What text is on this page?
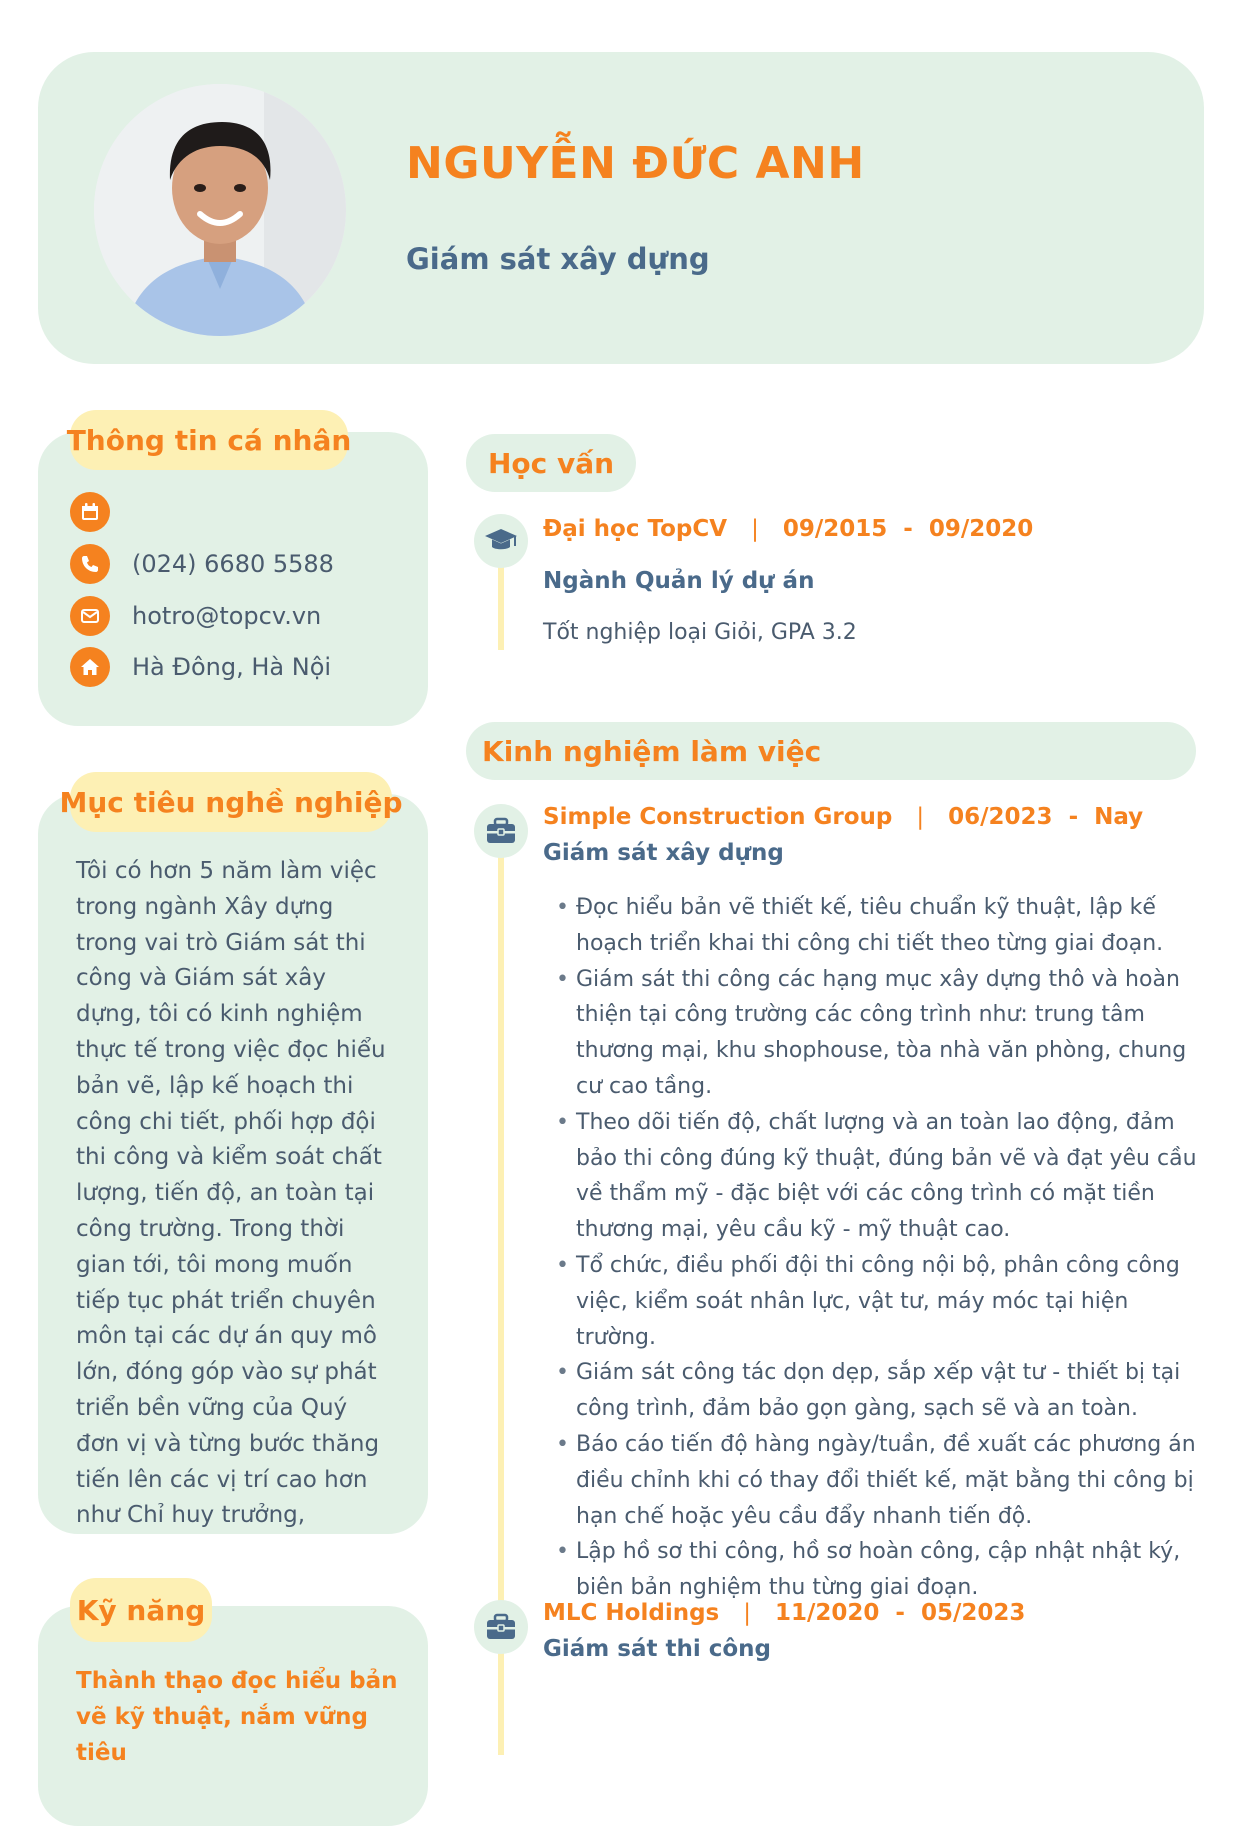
NGUYỄN ĐỨC ANH
Giám sát xây dựng
Thông tin cá nhân
(024) 6680 5588
hotro@topcv.vn
Hà Đông, Hà Nội
Mục tiêu nghề nghiệp
Tôi có hơn 5 năm làm việc trong ngành Xây dựng trong vai trò Giám sát thi công và Giám sát xây dựng, tôi có kinh nghiệm thực tế trong việc đọc hiểu bản vẽ, lập kế hoạch thi công chi tiết, phối hợp đội thi công và kiểm soát chất lượng, tiến độ, an toàn tại công trường. Trong thời gian tới, tôi mong muốn tiếp tục phát triển chuyên môn tại các dự án quy mô lớn, đóng góp vào sự phát triển bền vững của Quý đơn vị và từng bước thăng tiến lên các vị trí cao hơn như Chỉ huy trưởng,
Kỹ năng
Thành thạo đọc hiểu bản vẽ kỹ thuật, nắm vững tiêu
Học vấn
Đại học TopCV | 09/2015 - 09/2020
Ngành Quản lý dự án
Tốt nghiệp loại Giỏi, GPA 3.2
Kinh nghiệm làm việc
Simple Construction Group | 06/2023 - Nay
Giám sát xây dựng
• Đọc hiểu bản vẽ thiết kế, tiêu chuẩn kỹ thuật, lập kế hoạch triển khai thi công chi tiết theo từng giai đoạn.
• Giám sát thi công các hạng mục xây dựng thô và hoàn thiện tại công trường các công trình như: trung tâm thương mại, khu shophouse, tòa nhà văn phòng, chung cư cao tầng.
• Theo dõi tiến độ, chất lượng và an toàn lao động, đảm bảo thi công đúng kỹ thuật, đúng bản vẽ và đạt yêu cầu về thẩm mỹ - đặc biệt với các công trình có mặt tiền thương mại, yêu cầu kỹ - mỹ thuật cao.
• Tổ chức, điều phối đội thi công nội bộ, phân công công việc, kiểm soát nhân lực, vật tư, máy móc tại hiện trường.
• Giám sát công tác dọn dẹp, sắp xếp vật tư - thiết bị tại công trình, đảm bảo gọn gàng, sạch sẽ và an toàn.
• Báo cáo tiến độ hàng ngày/tuần, đề xuất các phương án điều chỉnh khi có thay đổi thiết kế, mặt bằng thi công bị hạn chế hoặc yêu cầu đẩy nhanh tiến độ.
• Lập hồ sơ thi công, hồ sơ hoàn công, cập nhật nhật ký, biên bản nghiệm thu từng giai đoạn.
MLC Holdings | 11/2020 - 05/2023
Giám sát thi công
